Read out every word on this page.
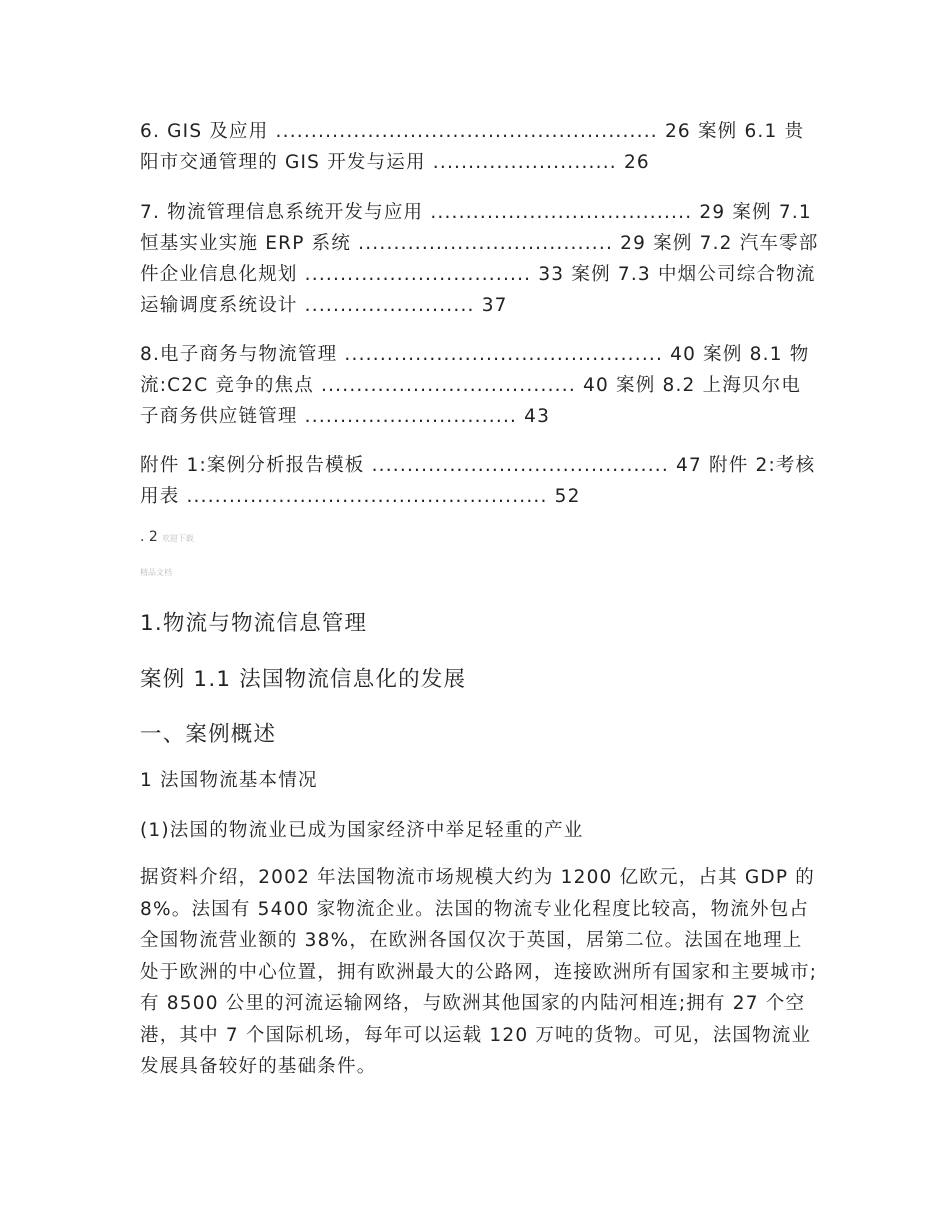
6. GIS 及应用 ...................................................... 26 案例 6.1 贵阳市交通管理的 GIS 开发与运用 .......................... 26

7. 物流管理信息系统开发与应用 ..................................... 29 案例 7.1 恒基实业实施 ERP 系统 .................................... 29 案例 7.2 汽车零部件企业信息化规划 ................................ 33 案例 7.3 中烟公司综合物流运输调度系统设计 ........................ 37

8.电子商务与物流管理 ............................................. 40 案例 8.1 物流:C2C 竞争的焦点 .................................... 40 案例 8.2 上海贝尔电子商务供应链管理 .............................. 43

附件 1:案例分析报告模板 .......................................... 47 附件 2:考核用表 ................................................... 52

. 2 欢迎下载
精品文档
1.物流与物流信息管理
案例 1.1 法国物流信息化的发展
一、案例概述

1 法国物流基本情况

(1)法国的物流业已成为国家经济中举足轻重的产业

据资料介绍，2002 年法国物流市场规模大约为 1200 亿欧元，占其 GDP 的 8%。法国有 5400 家物流企业。法国的物流专业化程度比较高，物流外包占全国物流营业额的 38%，在欧洲各国仅次于英国，居第二位。法国在地理上处于欧洲的中心位置，拥有欧洲最大的公路网，连接欧洲所有国家和主要城市;有 8500 公里的河流运输网络，与欧洲其他国家的内陆河相连;拥有 27 个空港，其中 7 个国际机场，每年可以运载 120 万吨的货物。可见，法国物流业发展具备较好的基础条件。
